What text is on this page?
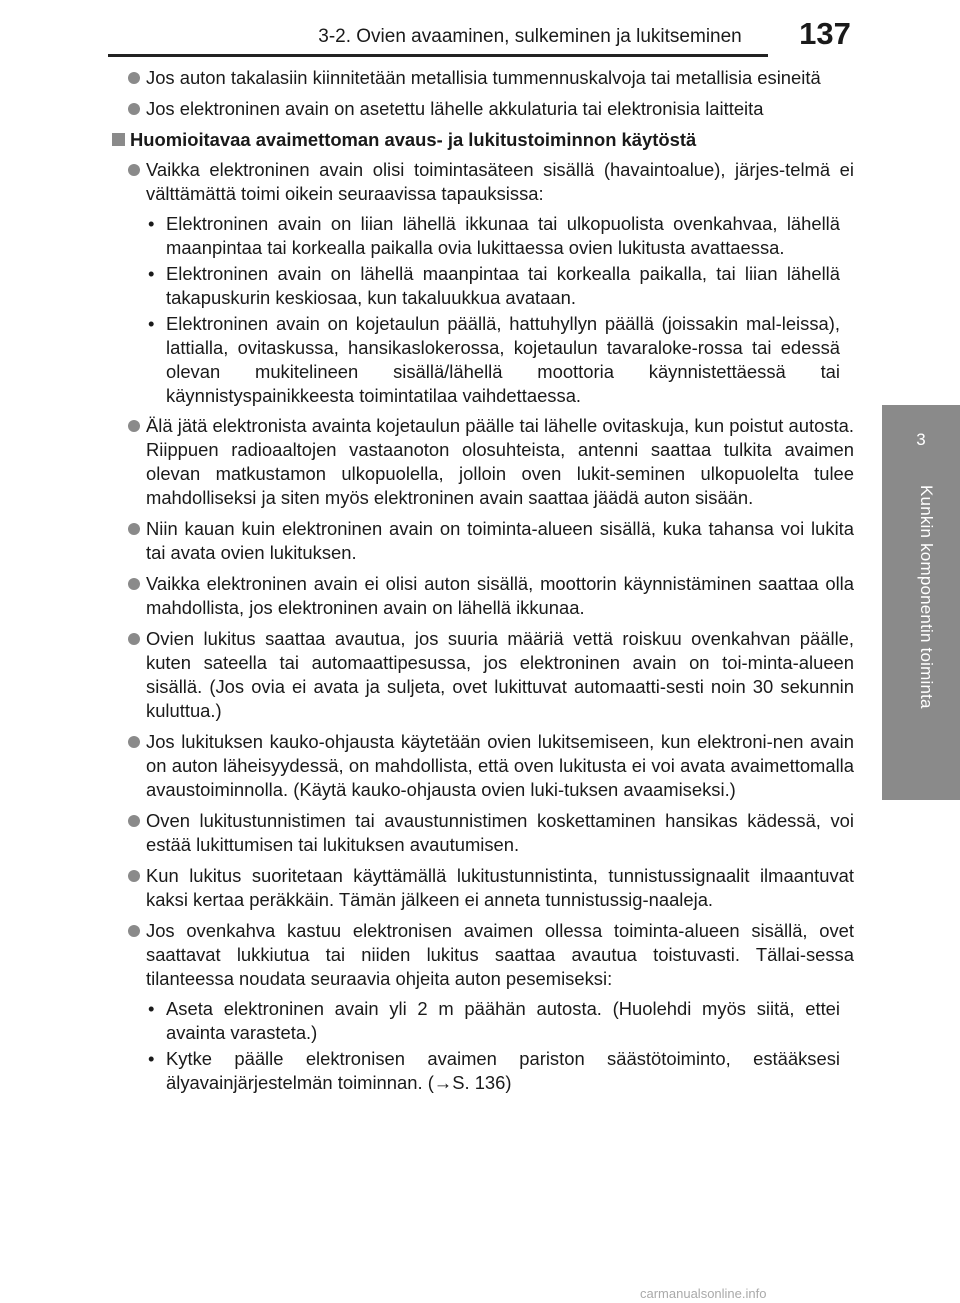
3-2. Ovien avaaminen, sulkeminen ja lukitseminen	137
3
Kunkin komponentin toiminta
Jos auton takalasiin kiinnitetään metallisia tummennuskalvoja tai metallisia esineitä
Jos elektroninen avain on asetettu lähelle akkulaturia tai elektronisia laitteita
Huomioitavaa avaimettoman avaus- ja lukitustoiminnon käytöstä
Vaikka elektroninen avain olisi toimintasäteen sisällä (havaintoalue), järjes-telmä ei välttämättä toimi oikein seuraavissa tapauksissa:
• Elektroninen avain on liian lähellä ikkunaa tai ulkopuolista ovenkahvaa, lähellä maanpintaa tai korkealla paikalla ovia lukittaessa ovien lukitusta avattaessa.
• Elektroninen avain on lähellä maanpintaa tai korkealla paikalla, tai liian lähellä takapuskurin keskiosaa, kun takaluukkua avataan.
• Elektroninen avain on kojetaulun päällä, hattuhyllyn päällä (joissakin mal-leissa), lattialla, ovitaskussa, hansikaslokerossa, kojetaulun tavaraloke-rossa tai edessä olevan mukitelineen sisällä/lähellä moottoria käynnistettäessä tai käynnistyspainikkeesta toimintatilaa vaihdettaessa.
Älä jätä elektronista avainta kojetaulun päälle tai lähelle ovitaskuja, kun poistut autosta. Riippuen radioaaltojen vastaanoton olosuhteista, antenni saattaa tulkita avaimen olevan matkustamon ulkopuolella, jolloin oven lukit-seminen ulkopuolelta tulee mahdolliseksi ja siten myös elektroninen avain saattaa jäädä auton sisään.
Niin kauan kuin elektroninen avain on toiminta-alueen sisällä, kuka tahansa voi lukita tai avata ovien lukituksen.
Vaikka elektroninen avain ei olisi auton sisällä, moottorin käynnistäminen saattaa olla mahdollista, jos elektroninen avain on lähellä ikkunaa.
Ovien lukitus saattaa avautua, jos suuria määriä vettä roiskuu ovenkahvan päälle, kuten sateella tai automaattipesussa, jos elektroninen avain on toi-minta-alueen sisällä. (Jos ovia ei avata ja suljeta, ovet lukittuvat automaatti-sesti noin 30 sekunnin kuluttua.)
Jos lukituksen kauko-ohjausta käytetään ovien lukitsemiseen, kun elektroni-nen avain on auton läheisyydessä, on mahdollista, että oven lukitusta ei voi avata avaimettomalla avaustoiminnolla. (Käytä kauko-ohjausta ovien luki-tuksen avaamiseksi.)
Oven lukitustunnistimen tai avaustunnistimen koskettaminen hansikas kädessä, voi estää lukittumisen tai lukituksen avautumisen.
Kun lukitus suoritetaan käyttämällä lukitustunnistinta, tunnistussignaalit ilmaantuvat kaksi kertaa peräkkäin. Tämän jälkeen ei anneta tunnistussig-naaleja.
Jos ovenkahva kastuu elektronisen avaimen ollessa toiminta-alueen sisällä, ovet saattavat lukkiutua tai niiden lukitus saattaa avautua toistuvasti. Tällai-sessa tilanteessa noudata seuraavia ohjeita auton pesemiseksi:
• Aseta elektroninen avain yli 2 m päähän autosta. (Huolehdi myös siitä, ettei avainta varasteta.)
• Kytke päälle elektronisen avaimen pariston säästötoiminto, estääksesi älyavainjärjestelmän toiminnan. (→S. 136)
carmanualsonline.info
